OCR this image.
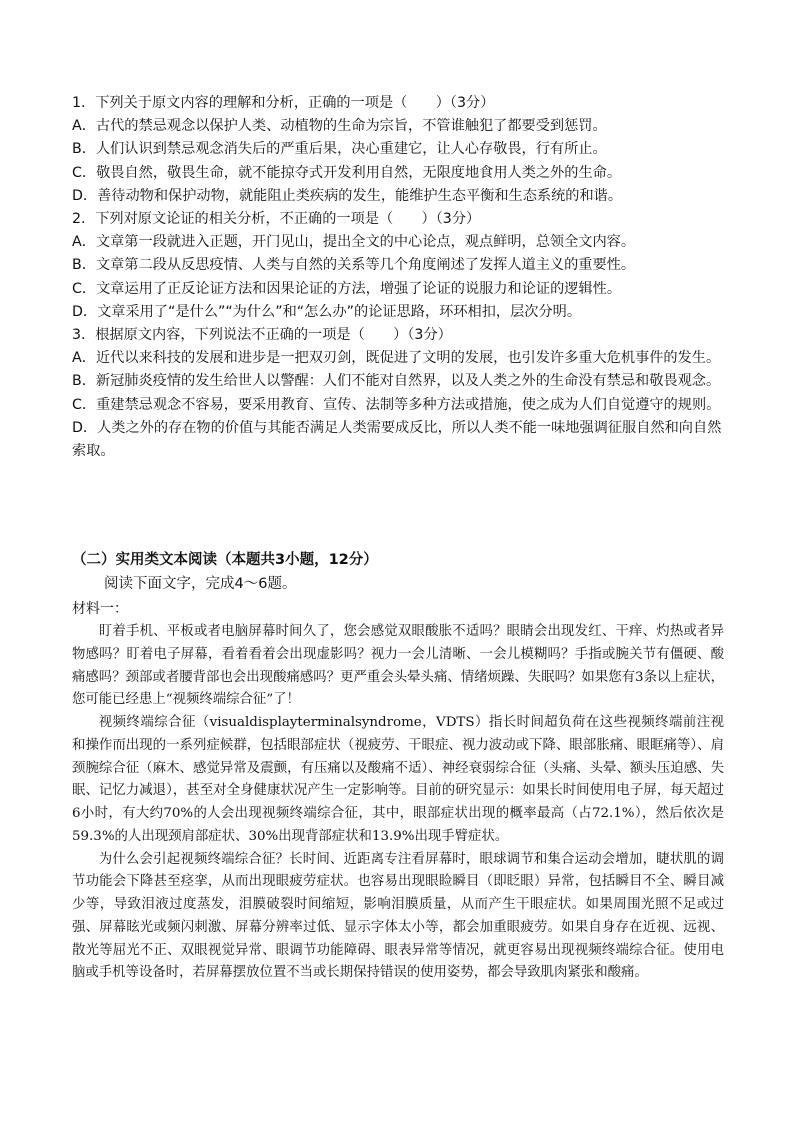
1．下列关于原文内容的理解和分析，正确的一项是（　　）（3分）
A．古代的禁忌观念以保护人类、动植物的生命为宗旨，不管谁触犯了都要受到惩罚。
B．人们认识到禁忌观念消失后的严重后果，决心重建它，让人心存敬畏，行有所止。
C．敬畏自然，敬畏生命，就不能掠夺式开发利用自然，无限度地食用人类之外的生命。
D．善待动物和保护动物，就能阻止类疾病的发生，能维护生态平衡和生态系统的和谐。
2．下列对原文论证的相关分析，不正确的一项是（　　）（3分）
A．文章第一段就进入正题，开门见山，提出全文的中心论点，观点鲜明，总领全文内容。
B．文章第二段从反思疫情、人类与自然的关系等几个角度阐述了发挥人道主义的重要性。
C．文章运用了正反论证方法和因果论证的方法，增强了论证的说服力和论证的逻辑性。
D．文章采用了“是什么”“为什么”和“怎么办”的论证思路，环环相扣，层次分明。
3．根据原文内容，下列说法不正确的一项是（　　）（3分）
A．近代以来科技的发展和进步是一把双刃剑，既促进了文明的发展，也引发许多重大危机事件的发生。
B．新冠肺炎疫情的发生给世人以警醒：人们不能对自然界，以及人类之外的生命没有禁忌和敬畏观念。
C．重建禁忌观念不容易，要采用教育、宣传、法制等多种方法或措施，使之成为人们自觉遵守的规则。
D．人类之外的存在物的价值与其能否满足人类需要成反比，所以人类不能一味地强调征服自然和向自然索取。
（二）实用类文本阅读（本题共3小题，12分）
阅读下面文字，完成4～6题。
材料一：

盯着手机、平板或者电脑屏幕时间久了，您会感觉双眼酸胀不适吗？眼睛会出现发红、干痒、灼热或者异物感吗？盯着电子屏幕，看着看着会出现虚影吗？视力一会儿清晰、一会儿模糊吗？手指或腕关节有僵硬、酸痛感吗？颈部或者腰背部也会出现酸痛感吗？更严重会头晕头痛、情绪烦躁、失眠吗？如果您有3条以上症状，您可能已经患上“视频终端综合征”了！

视频终端综合征（visualdisplayterminalsyndrome，VDTS）指长时间超负荷在这些视频终端前注视和操作而出现的一系列症候群，包括眼部症状（视疲劳、干眼症、视力波动或下降、眼部胀痛、眼眶痛等）、肩颈腕综合征（麻木、感觉异常及震颤，有压痛以及酸痛不适）、神经衰弱综合征（头痛、头晕、额头压迫感、失眠、记忆力减退），甚至对全身健康状况产生一定影响等。目前的研究显示：如果长时间使用电子屏，每天超过6小时，有大约70%的人会出现视频终端综合征，其中，眼部症状出现的概率最高（占72.1%），然后依次是59.3%的人出现颈肩部症状、30%出现背部症状和13.9%出现手臂症状。

为什么会引起视频终端综合征？长时间、近距离专注看屏幕时，眼球调节和集合运动会增加，睫状肌的调节功能会下降甚至痉挛，从而出现眼疲劳症状。也容易出现眼睑瞬目（即眨眼）异常，包括瞬目不全、瞬目减少等，导致泪液过度蒸发，泪膜破裂时间缩短，影响泪膜质量，从而产生干眼症状。如果周围光照不足或过强、屏幕眩光或频闪刺激、屏幕分辨率过低、显示字体太小等，都会加重眼疲劳。如果自身存在近视、远视、散光等屈光不正、双眼视觉异常、眼调节功能障碍、眼表异常等情况，就更容易出现视频终端综合征。使用电脑或手机等设备时，若屏幕摆放位置不当或长期保持错误的使用姿势，都会导致肌肉紧张和酸痛。
